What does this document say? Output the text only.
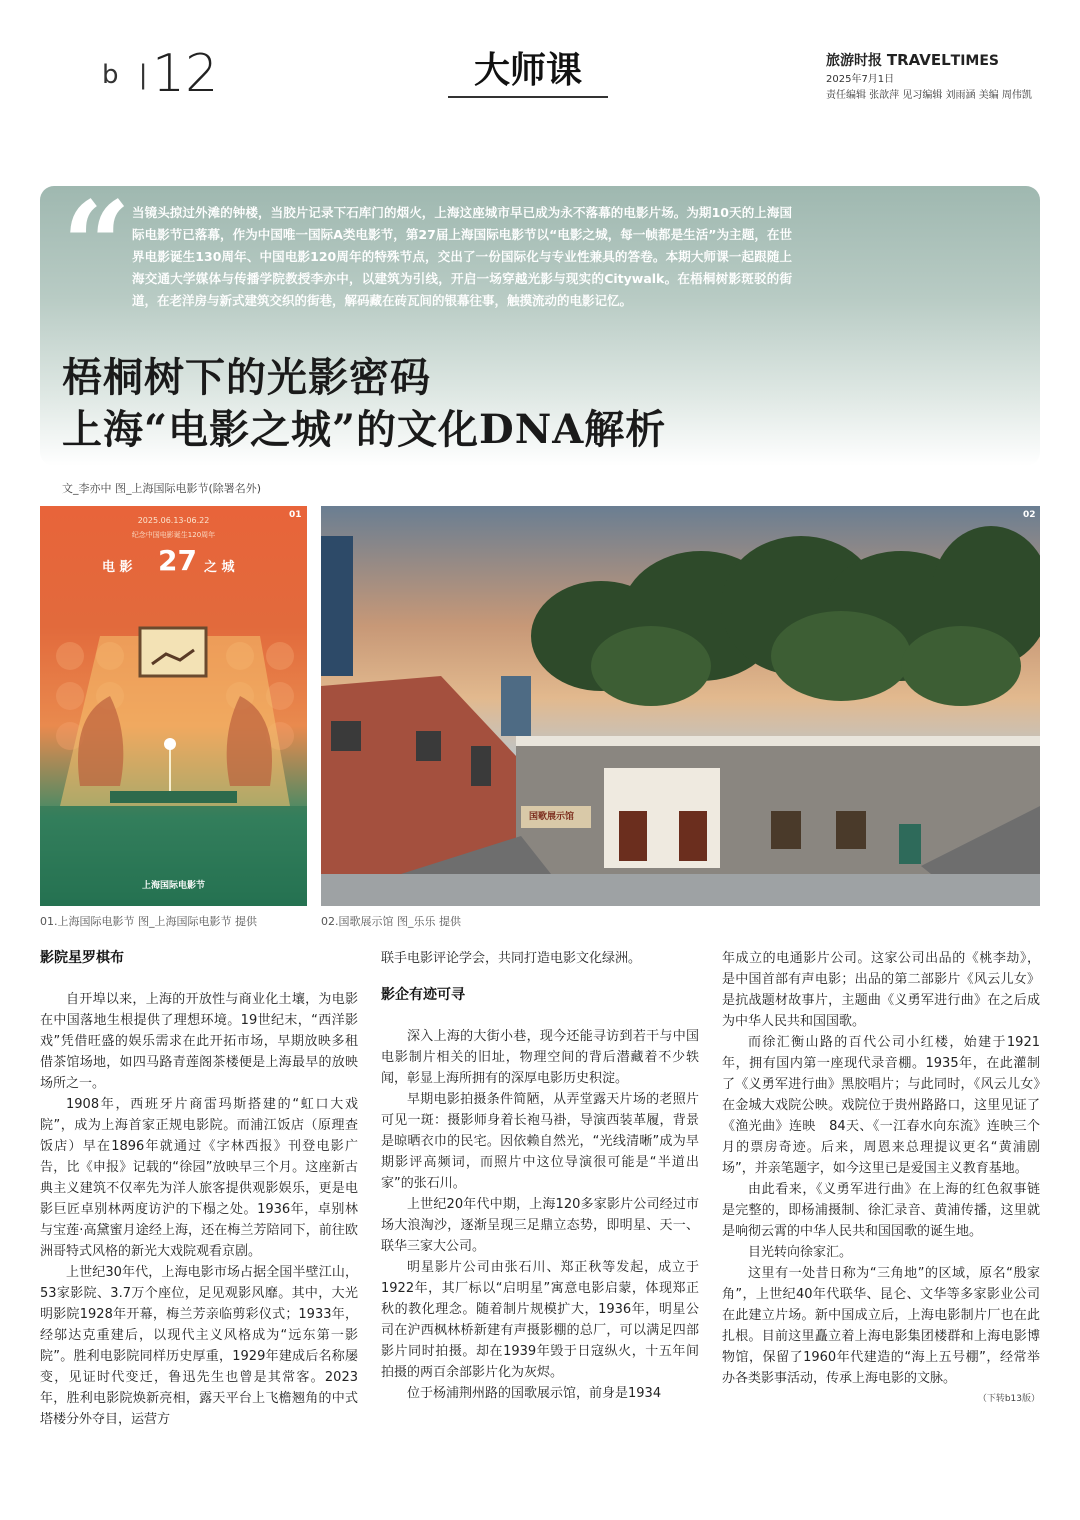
b |
12	大师课	旅游时报 TRAVELTIMES
2025年7月1日
责任编辑 张歆萍 见习编辑 刘雨涵 美编 周伟凯
“ 当镜头掠过外滩的钟楼，当胶片记录下石库门的烟火，上海这座城市早已成为永不落幕的电影片场。为期10天的上海国际电影节已落幕，作为中国唯一国际A类电影节，第27届上海国际电影节以“电影之城，每一帧都是生活”为主题，在世界电影诞生130周年、中国电影120周年的特殊节点，交出了一份国际化与专业性兼具的答卷。本期大师课一起跟随上海交通大学媒体与传播学院教授李亦中，以建筑为引线，开启一场穿越光影与现实的Citywalk。在梧桐树影斑驳的街道，在老洋房与新式建筑交织的街巷，解码藏在砖瓦间的银幕往事，触摸流动的电影记忆。
梧桐树下的光影密码
上海“电影之城”的文化DNA解析
文_李亦中 图_上海国际电影节(除署名外)
2025.06.13-06.22
纪念中国电影诞生120周年
电 影 27 之 城
上海国际电影节
01
国歌展示馆
02
01.上海国际电影节 图_上海国际电影节 提供	02.国歌展示馆 图_乐乐 提供
影院星罗棋布

自开埠以来，上海的开放性与商业化土壤，为电影在中国落地生根提供了理想环境。19世纪末，“西洋影戏”凭借旺盛的娱乐需求在此开拓市场，早期放映多租借茶馆场地，如四马路青莲阁茶楼便是上海最早的放映场所之一。

1908年，西班牙片商雷玛斯搭建的“虹口大戏院”，成为上海首家正规电影院。而浦江饭店（原理查饭店）早在1896年就通过《字林西报》刊登电影广告，比《申报》记载的“徐园”放映早三个月。这座新古典主义建筑不仅率先为洋人旅客提供观影娱乐，更是电影巨匠卓别林两度访沪的下榻之处。1936年，卓别林与宝莲·高黛蜜月途经上海，还在梅兰芳陪同下，前往欧洲哥特式风格的新光大戏院观看京剧。

上世纪30年代，上海电影市场占据全国半壁江山，53家影院、3.7万个座位，足见观影风靡。其中，大光明影院1928年开幕，梅兰芳亲临剪彩仪式；1933年，经邬达克重建后，以现代主义风格成为“远东第一影院”。胜利电影院同样历史厚重，1929年建成后名称屡变，见证时代变迁，鲁迅先生也曾是其常客。2023年，胜利电影院焕新亮相，露天平台上飞檐翘角的中式塔楼分外夺目，运营方

联手电影评论学会，共同打造电影文化绿洲。
影企有迹可寻

深入上海的大街小巷，现今还能寻访到若干与中国电影制片相关的旧址，物理空间的背后潜藏着不少轶闻，彰显上海所拥有的深厚电影历史积淀。

早期电影拍摄条件简陋，从弄堂露天片场的老照片可见一斑：摄影师身着长袍马褂，导演西装革履，背景是晾晒衣巾的民宅。因依赖自然光，“光线清晰”成为早期影评高频词，而照片中这位导演很可能是“半道出家”的张石川。

上世纪20年代中期，上海120多家影片公司经过市场大浪淘沙，逐渐呈现三足鼎立态势，即明星、天一、联华三家大公司。

明星影片公司由张石川、郑正秋等发起，成立于1922年，其厂标以“启明星”寓意电影启蒙，体现郑正秋的教化理念。随着制片规模扩大，1936年，明星公司在沪西枫林桥新建有声摄影棚的总厂，可以满足四部影片同时拍摄。却在1939年毁于日寇纵火，十五年间拍摄的两百余部影片化为灰烬。

位于杨浦荆州路的国歌展示馆，前身是1934

年成立的电通影片公司。这家公司出品的《桃李劫》，是中国首部有声电影；出品的第二部影片《风云儿女》是抗战题材故事片，主题曲《义勇军进行曲》在之后成为中华人民共和国国歌。

而徐汇衡山路的百代公司小红楼，始建于1921年，拥有国内第一座现代录音棚。1935年，在此灌制了《义勇军进行曲》黑胶唱片；与此同时，《风云儿女》在金城大戏院公映。戏院位于贵州路路口，这里见证了《渔光曲》连映　84天、《一江春水向东流》连映三个月的票房奇迹。后来，周恩来总理提议更名“黄浦剧场”，并亲笔题字，如今这里已是爱国主义教育基地。

由此看来，《义勇军进行曲》在上海的红色叙事链是完整的，即杨浦摄制、徐汇录音、黄浦传播，这里就是响彻云霄的中华人民共和国国歌的诞生地。

目光转向徐家汇。

这里有一处昔日称为“三角地”的区域，原名“殷家角”，上世纪40年代联华、昆仑、文华等多家影业公司在此建立片场。新中国成立后，上海电影制片厂也在此扎根。目前这里矗立着上海电影集团楼群和上海电影博物馆，保留了1960年代建造的“海上五号棚”，经常举办各类影事活动，传承上海电影的文脉。

（下转b13版）
